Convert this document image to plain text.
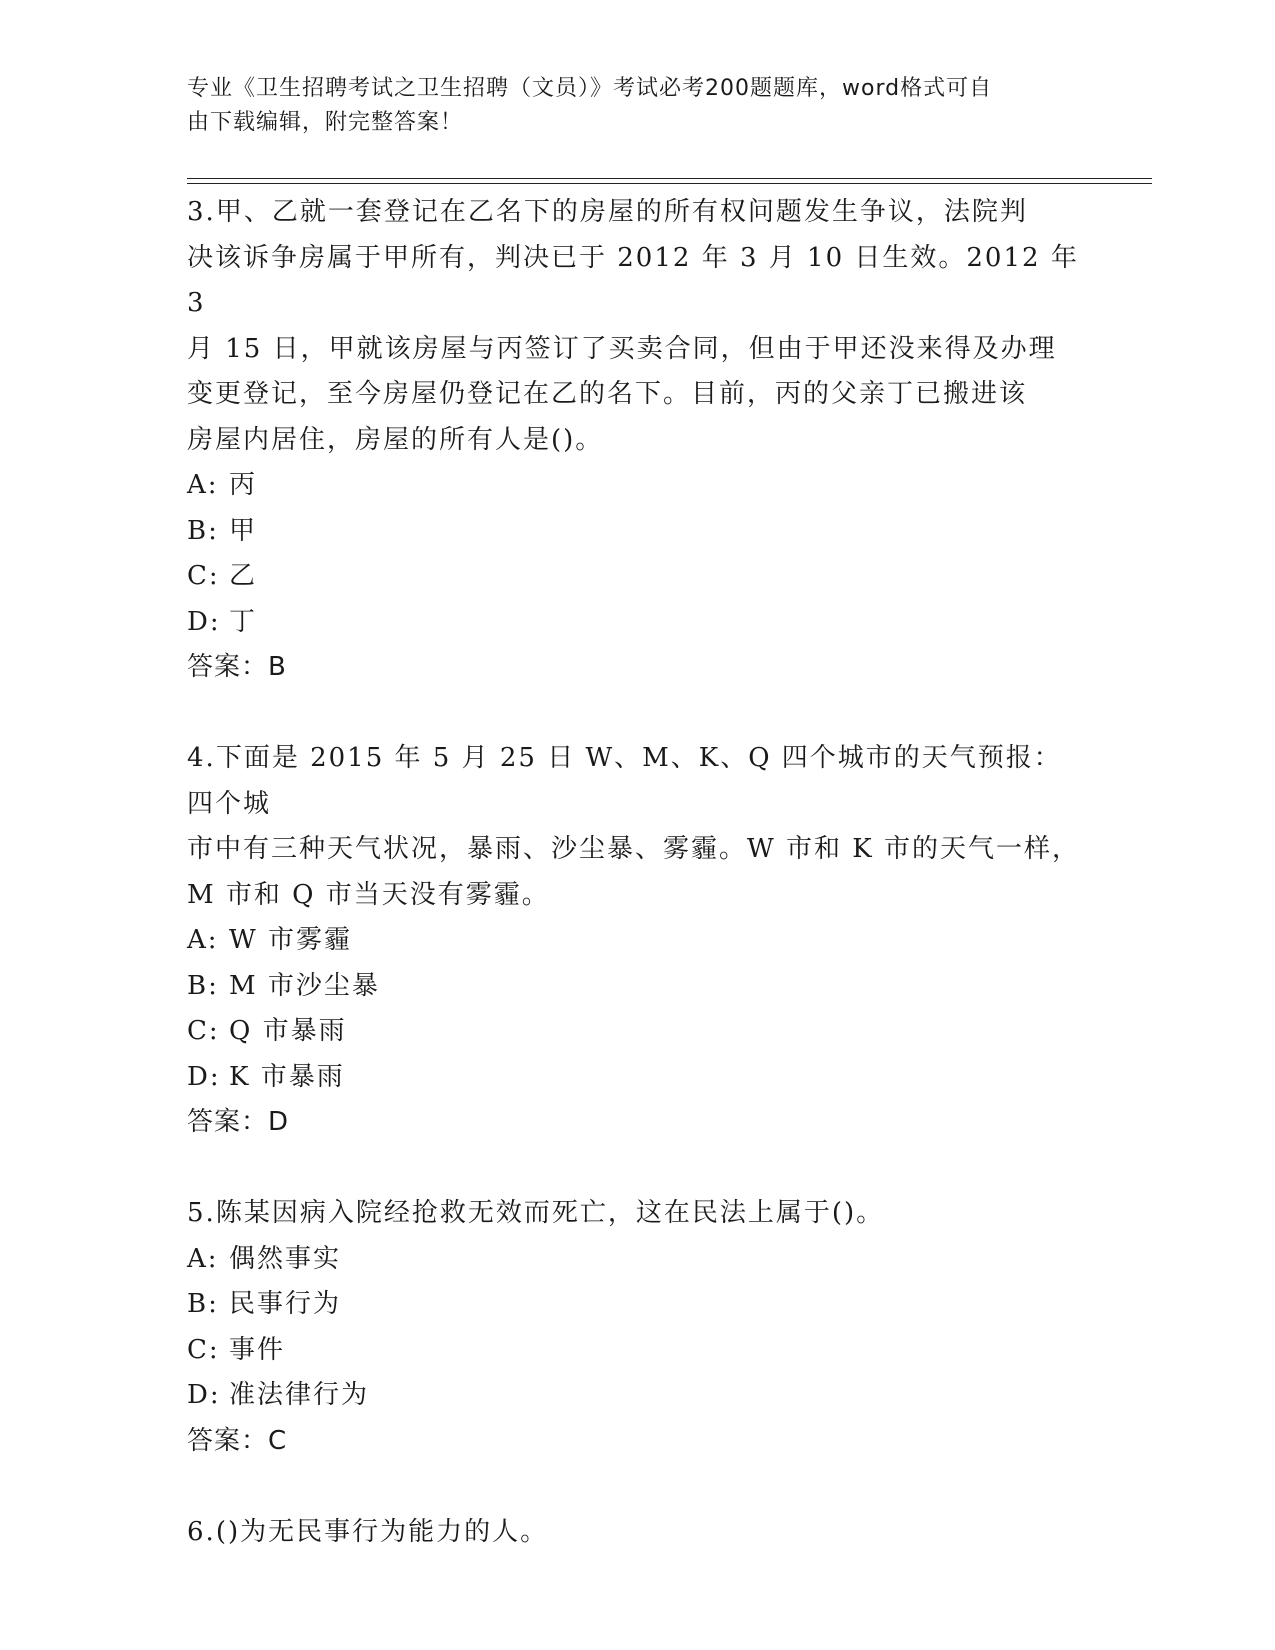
专业《卫生招聘考试之卫生招聘（文员）》考试必考200题题库，word格式可自
由下载编辑，附完整答案！
3.甲、乙就一套登记在乙名下的房屋的所有权问题发生争议，法院判
决该诉争房属于甲所有，判决已于 2012 年 3 月 10 日生效。2012 年 3
月 15 日，甲就该房屋与丙签订了买卖合同，但由于甲还没来得及办理
变更登记，至今房屋仍登记在乙的名下。目前，丙的父亲丁已搬进该
房屋内居住，房屋的所有人是()。
A: 丙
B: 甲
C: 乙
D: 丁
答案：B
4.下面是 2015 年 5 月 25 日 W、M、K、Q 四个城市的天气预报：四个城
市中有三种天气状况，暴雨、沙尘暴、雾霾。W 市和 K 市的天气一样，
M 市和 Q 市当天没有雾霾。
A: W 市雾霾
B: M 市沙尘暴
C: Q 市暴雨
D: K 市暴雨
答案：D
5.陈某因病入院经抢救无效而死亡，这在民法上属于()。
A: 偶然事实
B: 民事行为
C: 事件
D: 准法律行为
答案：C
6.()为无民事行为能力的人。
